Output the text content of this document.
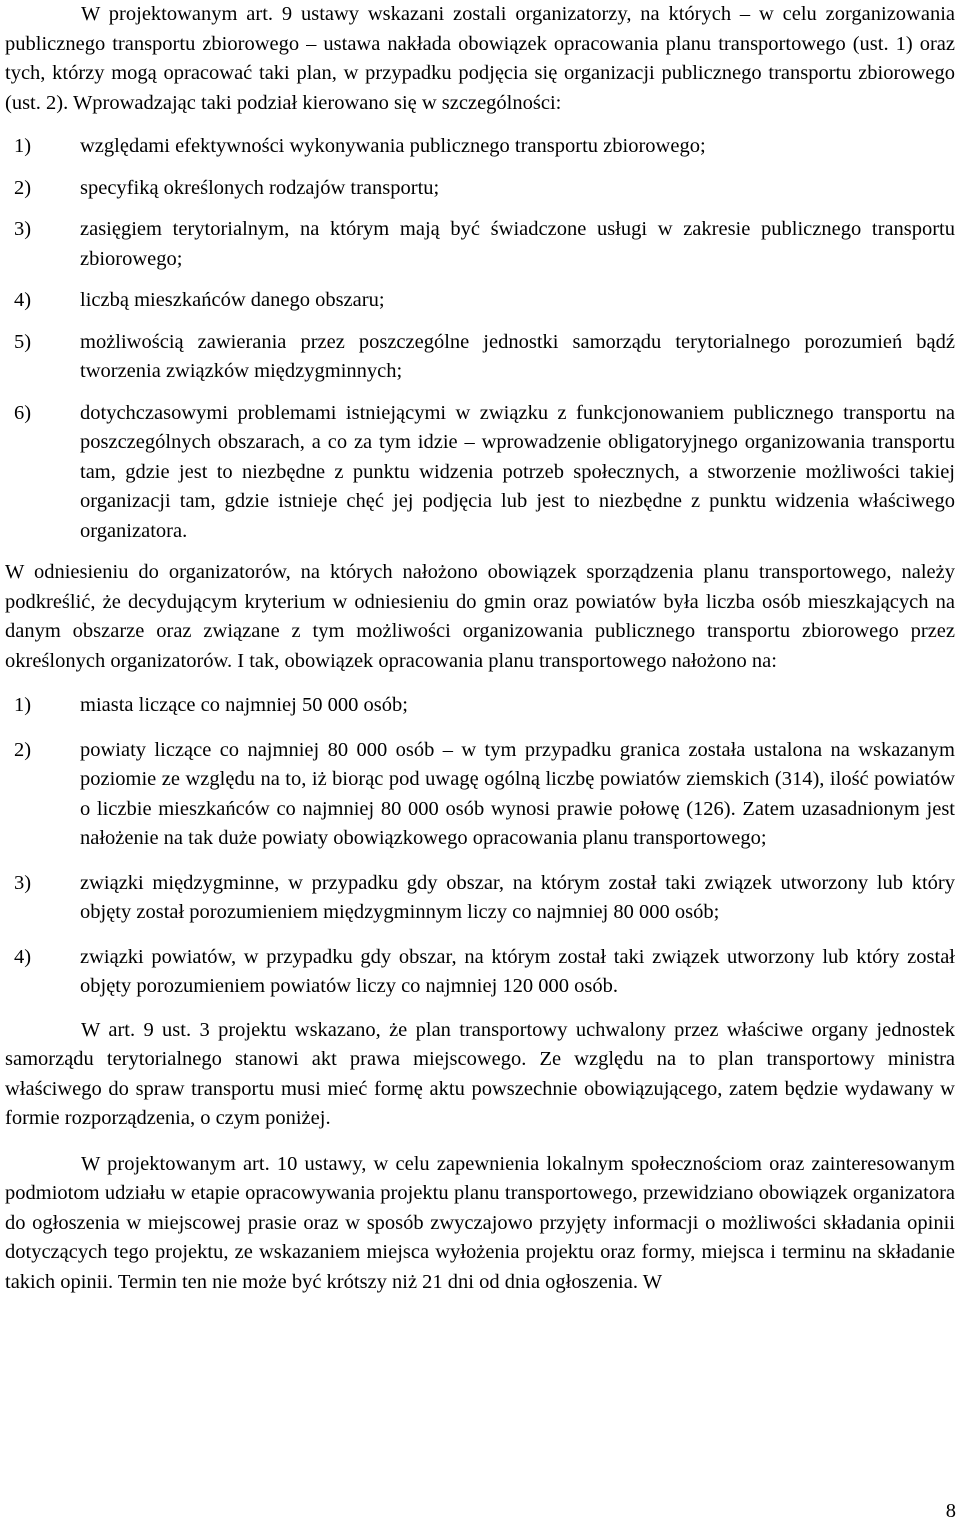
W projektowanym art. 9 ustawy wskazani zostali organizatorzy, na których – w celu zorganizowania publicznego transportu zbiorowego – ustawa nakłada obowiązek opracowania planu transportowego (ust. 1) oraz tych, którzy mogą opracować taki plan, w przypadku podjęcia się organizacji publicznego transportu zbiorowego (ust. 2). Wprowadzając taki podział kierowano się w szczególności:

1) względami efektywności wykonywania publicznego transportu zbiorowego;
2) specyfiką określonych rodzajów transportu;
3) zasięgiem terytorialnym, na którym mają być świadczone usługi w zakresie publicznego transportu zbiorowego;
4) liczbą mieszkańców danego obszaru;
5) możliwością zawierania przez poszczególne jednostki samorządu terytorialnego porozumień bądź tworzenia związków międzygminnych;
6) dotychczasowymi problemami istniejącymi w związku z funkcjonowaniem publicznego transportu na poszczególnych obszarach, a co za tym idzie – wprowadzenie obligatoryjnego organizowania transportu tam, gdzie jest to niezbędne z punktu widzenia potrzeb społecznych, a stworzenie możliwości takiej organizacji tam, gdzie istnieje chęć jej podjęcia lub jest to niezbędne z punktu widzenia właściwego organizatora.

W odniesieniu do organizatorów, na których nałożono obowiązek sporządzenia planu transportowego, należy podkreślić, że decydującym kryterium w odniesieniu do gmin oraz powiatów była liczba osób mieszkających na danym obszarze oraz związane z tym możliwości organizowania publicznego transportu zbiorowego przez określonych organizatorów. I tak, obowiązek opracowania planu transportowego nałożono na:

1) miasta liczące co najmniej 50 000 osób;
2) powiaty liczące co najmniej 80 000 osób – w tym przypadku granica została ustalona na wskazanym poziomie ze względu na to, iż biorąc pod uwagę ogólną liczbę powiatów ziemskich (314), ilość powiatów o liczbie mieszkańców co najmniej 80 000 osób wynosi prawie połowę (126). Zatem uzasadnionym jest nałożenie na tak duże powiaty obowiązkowego opracowania planu transportowego;
3) związki międzygminne, w przypadku gdy obszar, na którym został taki związek utworzony lub który objęty został porozumieniem międzygminnym liczy co najmniej 80 000 osób;
4) związki powiatów, w przypadku gdy obszar, na którym został taki związek utworzony lub który został objęty porozumieniem powiatów liczy co najmniej 120 000 osób.

W art. 9 ust. 3 projektu wskazano, że plan transportowy uchwalony przez właściwe organy jednostek samorządu terytorialnego stanowi akt prawa miejscowego. Ze względu na to plan transportowy ministra właściwego do spraw transportu musi mieć formę aktu powszechnie obowiązującego, zatem będzie wydawany w formie rozporządzenia, o czym poniżej.

W projektowanym art. 10 ustawy, w celu zapewnienia lokalnym społecznościom oraz zainteresowanym podmiotom udziału w etapie opracowywania projektu planu transportowego, przewidziano obowiązek organizatora do ogłoszenia w miejscowej prasie oraz w sposób zwyczajowo przyjęty informacji o możliwości składania opinii dotyczących tego projektu, ze wskazaniem miejsca wyłożenia projektu oraz formy, miejsca i terminu na składanie takich opinii. Termin ten nie może być krótszy niż 21 dni od dnia ogłoszenia. W

8
